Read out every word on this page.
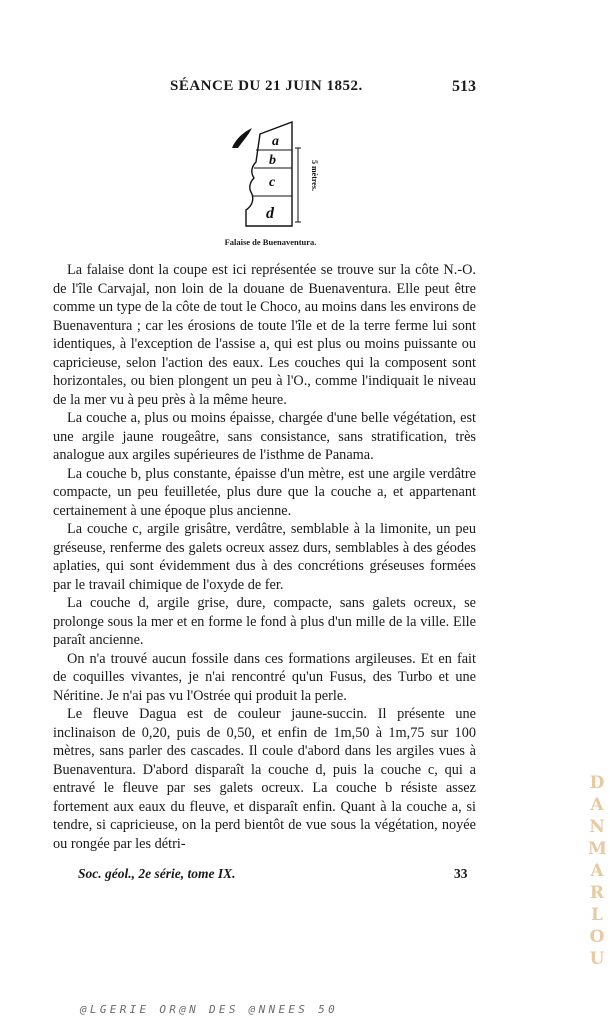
SÉANCE DU 21 JUIN 1852.	513
a
b
c
d
5 mètres.
Falaise de Buenaventura.

La falaise dont la coupe est ici représentée se trouve sur la côte N.-O. de l'île Carvajal, non loin de la douane de Buenaventura. Elle peut être comme un type de la côte de tout le Choco, au moins dans les environs de Buenaventura ; car les érosions de toute l'île et de la terre ferme lui sont identiques, à l'exception de l'assise a, qui est plus ou moins puissante ou capricieuse, selon l'action des eaux. Les couches qui la composent sont horizontales, ou bien plongent un peu à l'O., comme l'indiquait le niveau de la mer vu à peu près à la même heure.

La couche a, plus ou moins épaisse, chargée d'une belle végétation, est une argile jaune rougeâtre, sans consistance, sans stratification, très analogue aux argiles supérieures de l'isthme de Panama.

La couche b, plus constante, épaisse d'un mètre, est une argile verdâtre compacte, un peu feuilletée, plus dure que la couche a, et appartenant certainement à une époque plus ancienne.

La couche c, argile grisâtre, verdâtre, semblable à la limonite, un peu gréseuse, renferme des galets ocreux assez durs, semblables à des géodes aplaties, qui sont évidemment dus à des concrétions gréseuses formées par le travail chimique de l'oxyde de fer.

La couche d, argile grise, dure, compacte, sans galets ocreux, se prolonge sous la mer et en forme le fond à plus d'un mille de la ville. Elle paraît ancienne.

On n'a trouvé aucun fossile dans ces formations argileuses. Et en fait de coquilles vivantes, je n'ai rencontré qu'un Fusus, des Turbo et une Néritine. Je n'ai pas vu l'Ostrée qui produit la perle.

Le fleuve Dagua est de couleur jaune-succin. Il présente une inclinaison de 0,20, puis de 0,50, et enfin de 1m,50 à 1m,75 sur 100 mètres, sans parler des cascades. Il coule d'abord dans les argiles vues à Buenaventura. D'abord disparaît la couche d, puis la couche c, qui a entravé le fleuve par ses galets ocreux. La couche b résiste assez fortement aux eaux du fleuve, et disparaît enfin. Quant à la couche a, si tendre, si capricieuse, on la perd bientôt de vue sous la végétation, noyée ou rongée par les détri-

Soc. géol., 2e série, tome IX.	33
D
A
N
M
A
R
L
O
U
@LGERIE OR@N DES @NNEES 50
